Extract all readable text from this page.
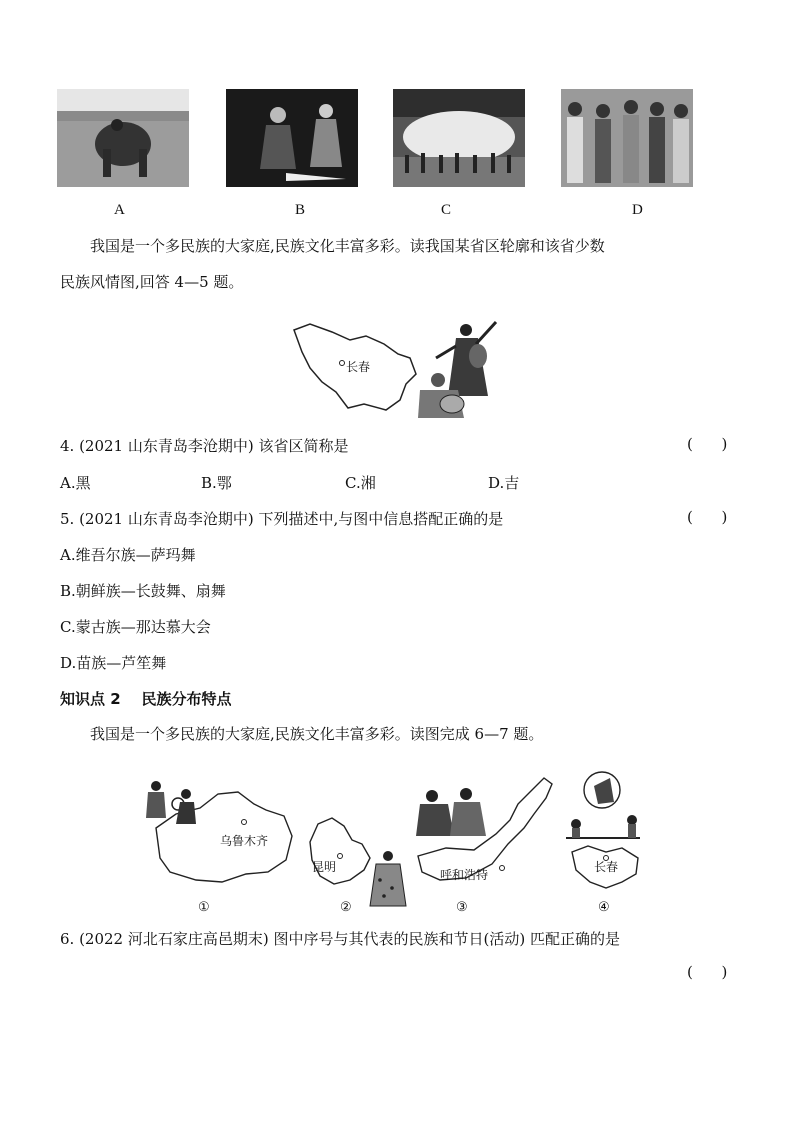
A	B	C	D
我国是一个多民族的大家庭,民族文化丰富多彩。读我国某省区轮廓和该省少数
民族风情图,回答 4—5 题。
长春
4. (2021 山东青岛李沧期中) 该省区简称是	(      )
A.黑	B.鄂	C.湘	D.吉
5. (2021 山东青岛李沧期中) 下列描述中,与图中信息搭配正确的是	(      )
A.维吾尔族—萨玛舞
B.朝鲜族—长鼓舞、扇舞
C.蒙古族—那达慕大会
D.苗族—芦笙舞
知识点 2    民族分布特点
我国是一个多民族的大家庭,民族文化丰富多彩。读图完成 6—7 题。
乌鲁木齐
昆明
呼和浩特
长春
①	②	③	④
6. (2022 河北石家庄高邑期末) 图中序号与其代表的民族和节日(活动) 匹配正确的是
(      )
